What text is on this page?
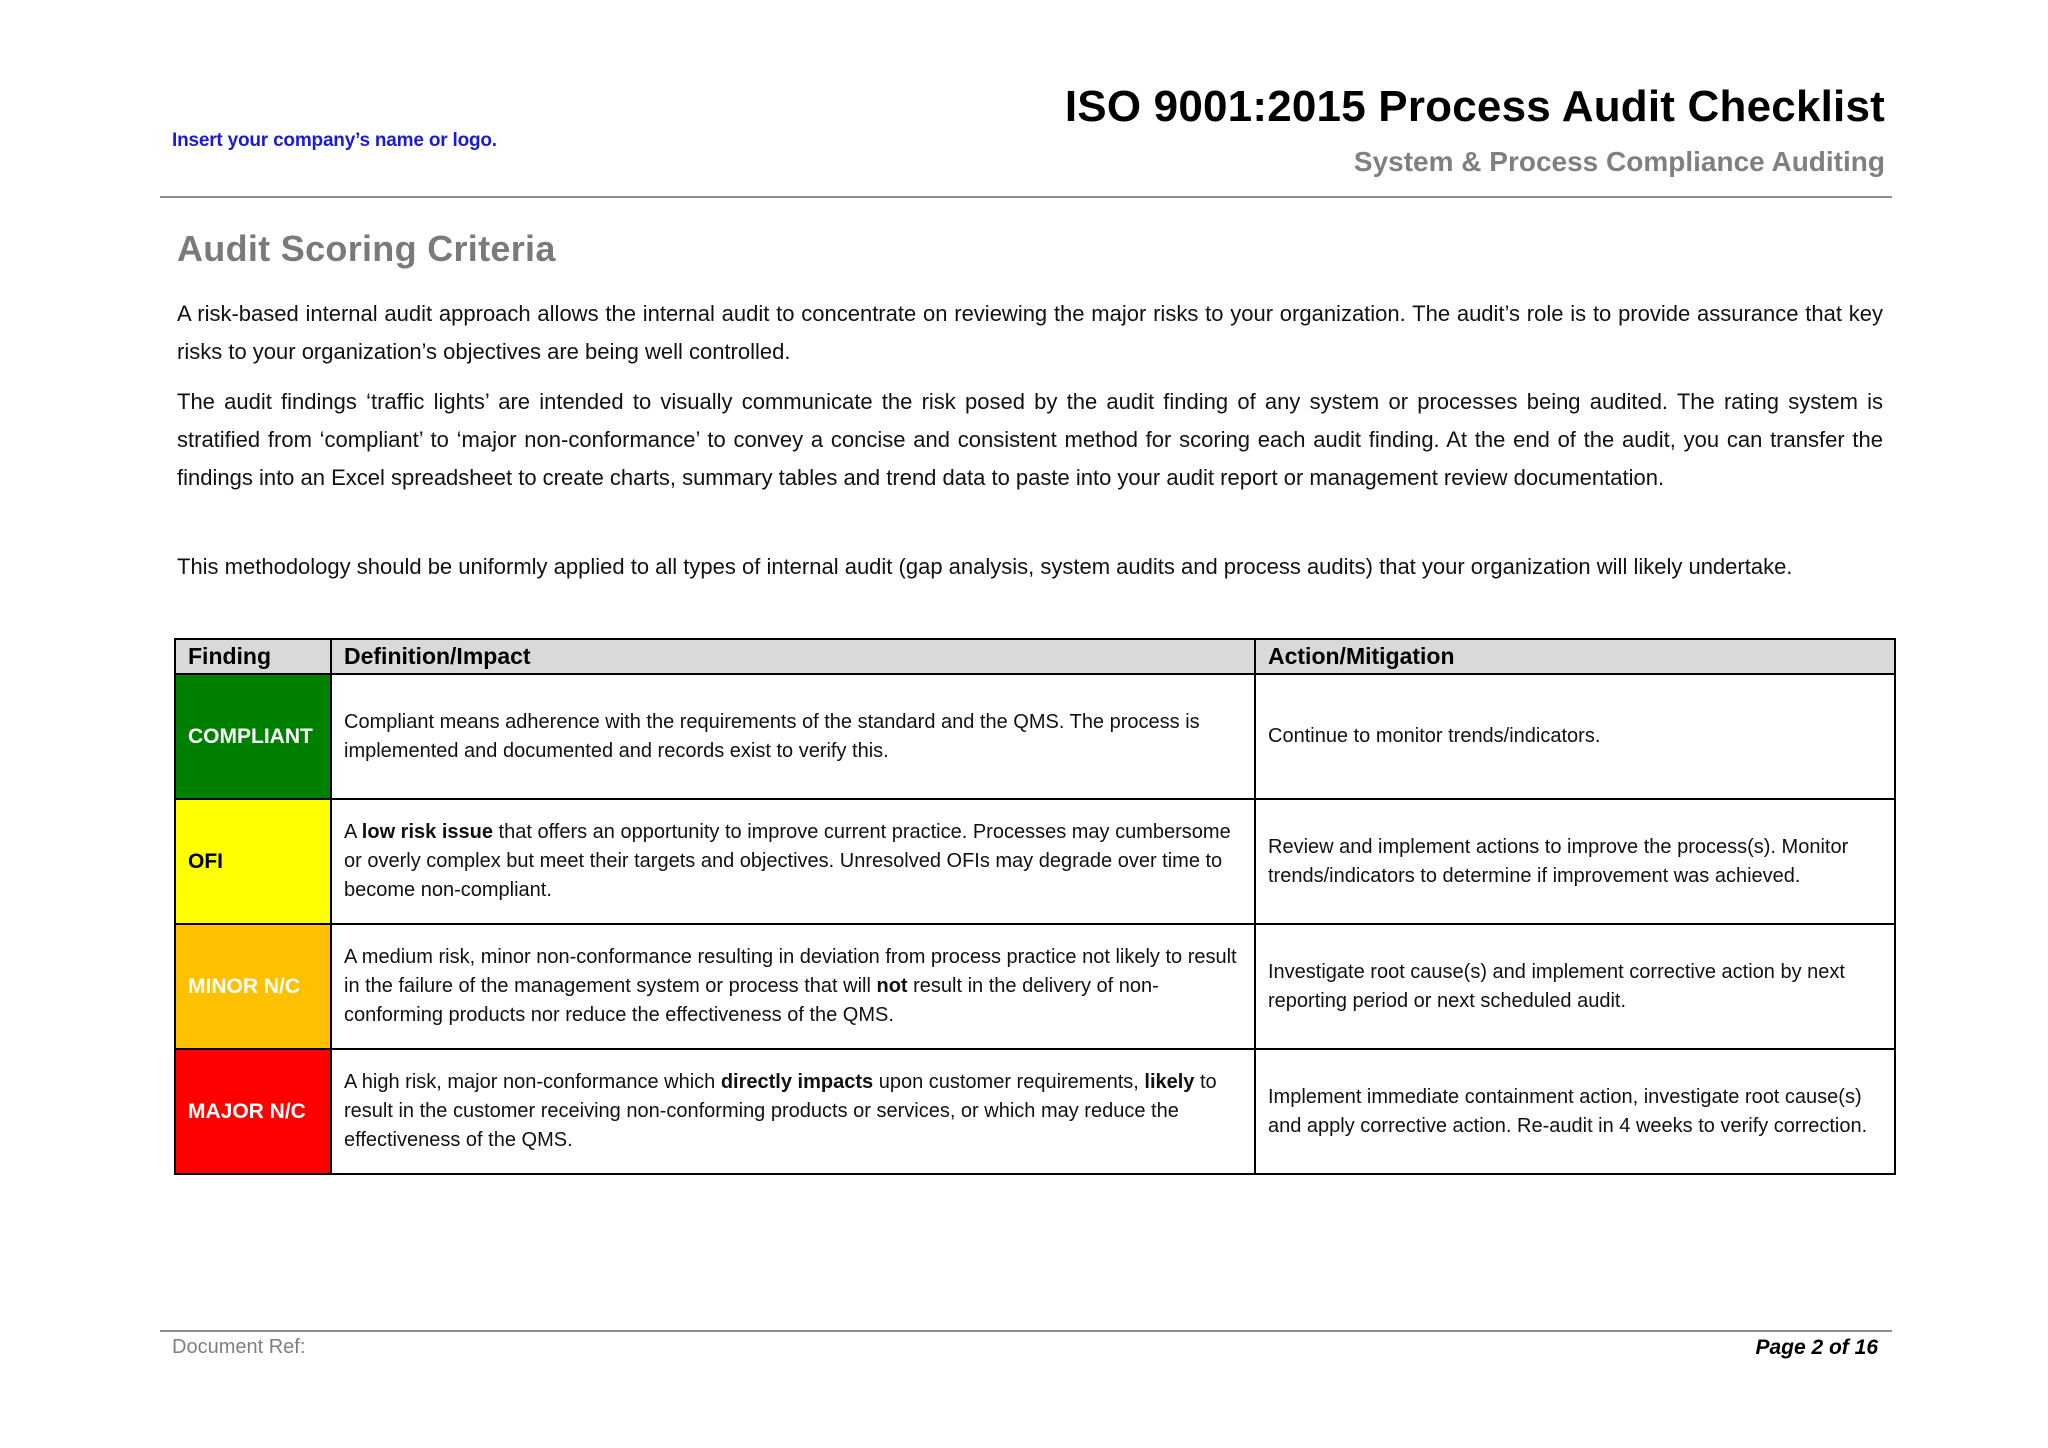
Insert your company’s name or logo.
ISO 9001:2015 Process Audit Checklist
System & Process Compliance Auditing
Audit Scoring Criteria

A risk-based internal audit approach allows the internal audit to concentrate on reviewing the major risks to your organization. The audit’s role is to provide assurance that key risks to your organization’s objectives are being well controlled.

The audit findings ‘traffic lights’ are intended to visually communicate the risk posed by the audit finding of any system or processes being audited. The rating system is stratified from ‘compliant’ to ‘major non-conformance’ to convey a concise and consistent method for scoring each audit finding. At the end of the audit, you can transfer the findings into an Excel spreadsheet to create charts, summary tables and trend data to paste into your audit report or management review documentation.

This methodology should be uniformly applied to all types of internal audit (gap analysis, system audits and process audits) that your organization will likely undertake.

Finding	Definition/Impact	Action/Mitigation
COMPLIANT	Compliant means adherence with the requirements of the standard and the QMS. The process is implemented and documented and records exist to verify this.	Continue to monitor trends/indicators.
OFI	A low risk issue that offers an opportunity to improve current practice. Processes may cumbersome or overly complex but meet their targets and objectives. Unresolved OFIs may degrade over time to become non-compliant.	Review and implement actions to improve the process(s). Monitor trends/indicators to determine if improvement was achieved.
MINOR N/C	A medium risk, minor non-conformance resulting in deviation from process practice not likely to result in the failure of the management system or process that will not result in the delivery of non-conforming products nor reduce the effectiveness of the QMS.	Investigate root cause(s) and implement corrective action by next reporting period or next scheduled audit.
MAJOR N/C	A high risk, major non-conformance which directly impacts upon customer requirements, likely to result in the customer receiving non-conforming products or services, or which may reduce the effectiveness of the QMS.	Implement immediate containment action, investigate root cause(s) and apply corrective action. Re-audit in 4 weeks to verify correction.
Document Ref:	Page 2 of 16
